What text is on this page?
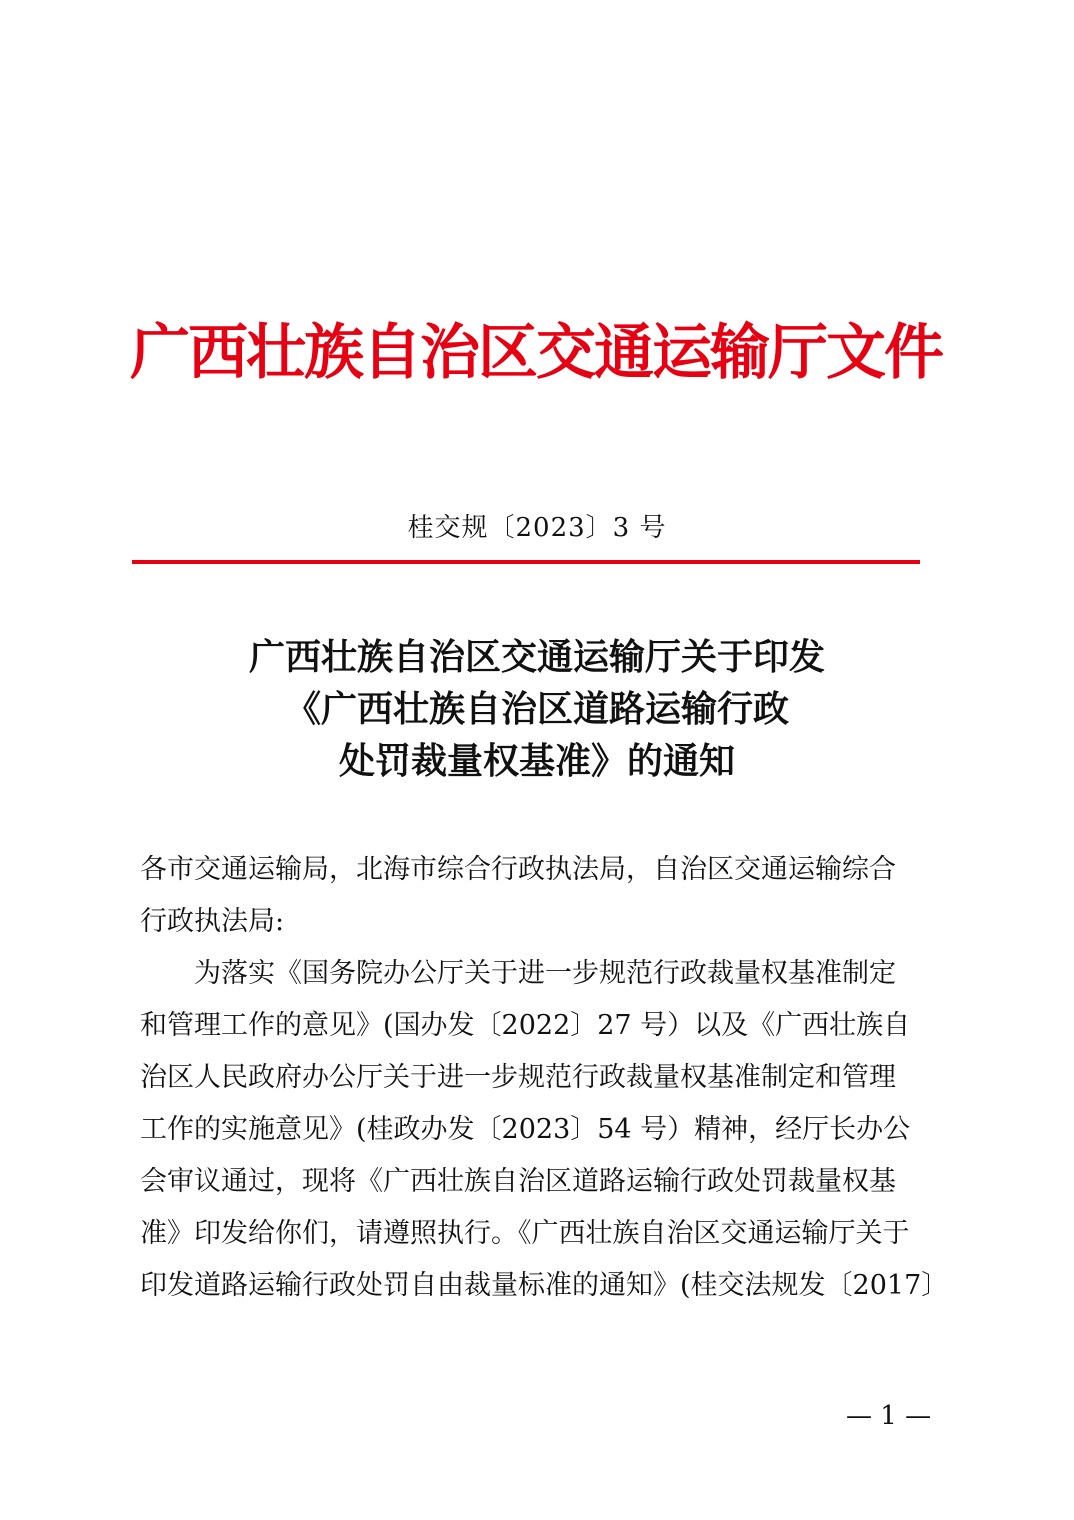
广西壮族自治区交通运输厅文件
桂交规〔2023〕3 号
广西壮族自治区交通运输厅关于印发
《广西壮族自治区道路运输行政
处罚裁量权基准》的通知
各市交通运输局，北海市综合行政执法局，自治区交通运输综合
行政执法局:
　　为落实《国务院办公厅关于进一步规范行政裁量权基准制定
和管理工作的意见》(国办发〔2022〕27 号）以及《广西壮族自
治区人民政府办公厅关于进一步规范行政裁量权基准制定和管理
工作的实施意见》(桂政办发〔2023〕54 号）精神，经厅长办公
会审议通过，现将《广西壮族自治区道路运输行政处罚裁量权基
准》印发给你们，请遵照执行。《广西壮族自治区交通运输厅关于
印发道路运输行政处罚自由裁量标准的通知》(桂交法规发〔2017〕
— 1 —
